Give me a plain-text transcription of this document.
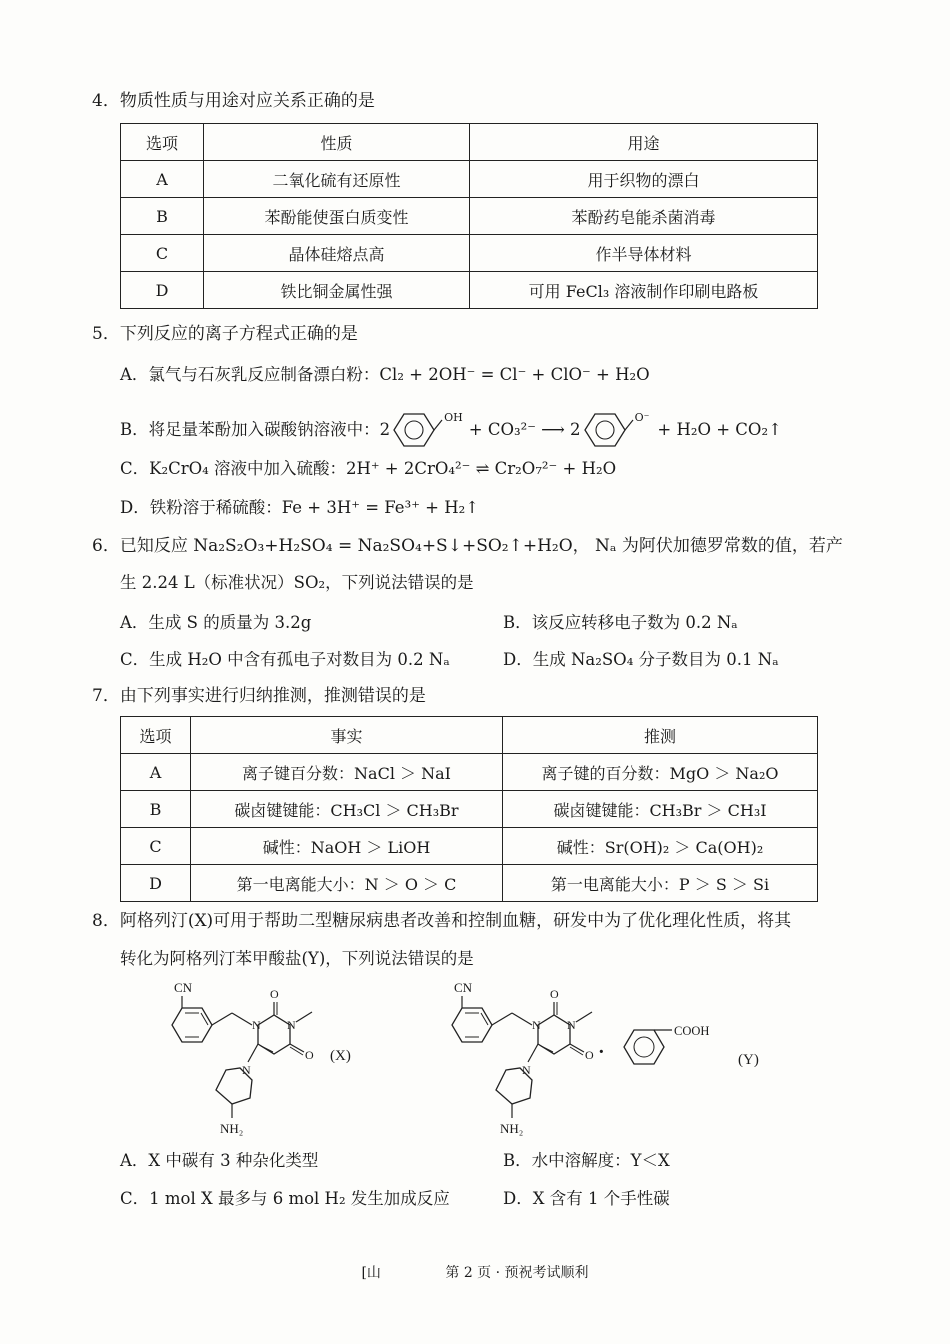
4．物质性质与用途对应关系正确的是
选项	性质	用途
A	二氧化硫有还原性	用于织物的漂白
B	苯酚能使蛋白质变性	苯酚药皂能杀菌消毒
C	晶体硅熔点高	作半导体材料
D	铁比铜金属性强	可用 FeCl₃ 溶液制作印刷电路板
5．下列反应的离子方程式正确的是
A．氯气与石灰乳反应制备漂白粉：Cl₂ + 2OH⁻ = Cl⁻ + ClO⁻ + H₂O
B．将足量苯酚加入碳酸钠溶液中：2
OH
+ CO₃²⁻ ⟶ 2
O⁻
+ H₂O + CO₂↑
C．K₂CrO₄ 溶液中加入硫酸：2H⁺ + 2CrO₄²⁻ ⇌ Cr₂O₇²⁻ + H₂O
D．铁粉溶于稀硫酸：Fe + 3H⁺ = Fe³⁺ + H₂↑
6．已知反应 Na₂S₂O₃+H₂SO₄ = Na₂SO₄+S↓+SO₂↑+H₂O， Nₐ 为阿伏加德罗常数的值，若产
生 2.24 L（标准状况）SO₂，下列说法错误的是
A．生成 S 的质量为 3.2g	B．该反应转移电子数为 0.2 Nₐ
C．生成 H₂O 中含有孤电子对数目为 0.2 Nₐ	D．生成 Na₂SO₄ 分子数目为 0.1 Nₐ
7．由下列事实进行归纳推测，推测错误的是
选项	事实	推测
A	离子键百分数：NaCl ＞ NaI	离子键的百分数：MgO ＞ Na₂O
B	碳卤键键能：CH₃Cl ＞ CH₃Br	碳卤键键能：CH₃Br ＞ CH₃I
C	碱性：NaOH ＞ LiOH	碱性：Sr(OH)₂ ＞ Ca(OH)₂
D	第一电离能大小：N ＞ O ＞ C	第一电离能大小：P ＞ S ＞ Si
8．阿格列汀(X)可用于帮助二型糖尿病患者改善和控制血糖，研发中为了优化理化性质，将其
转化为阿格列汀苯甲酸盐(Y)，下列说法错误的是
CN
N N
O
O
N
NH₂
(X)
CN
N N
O
O
N
NH₂
·
COOH
(Y)
A．X 中碳有 3 种杂化类型	B．水中溶解度：Y＜X
C．1 mol X 最多与 6 mol H₂ 发生加成反应	D．X 含有 1 个手性碳
[山	第 2 页 · 预祝考试顺利
